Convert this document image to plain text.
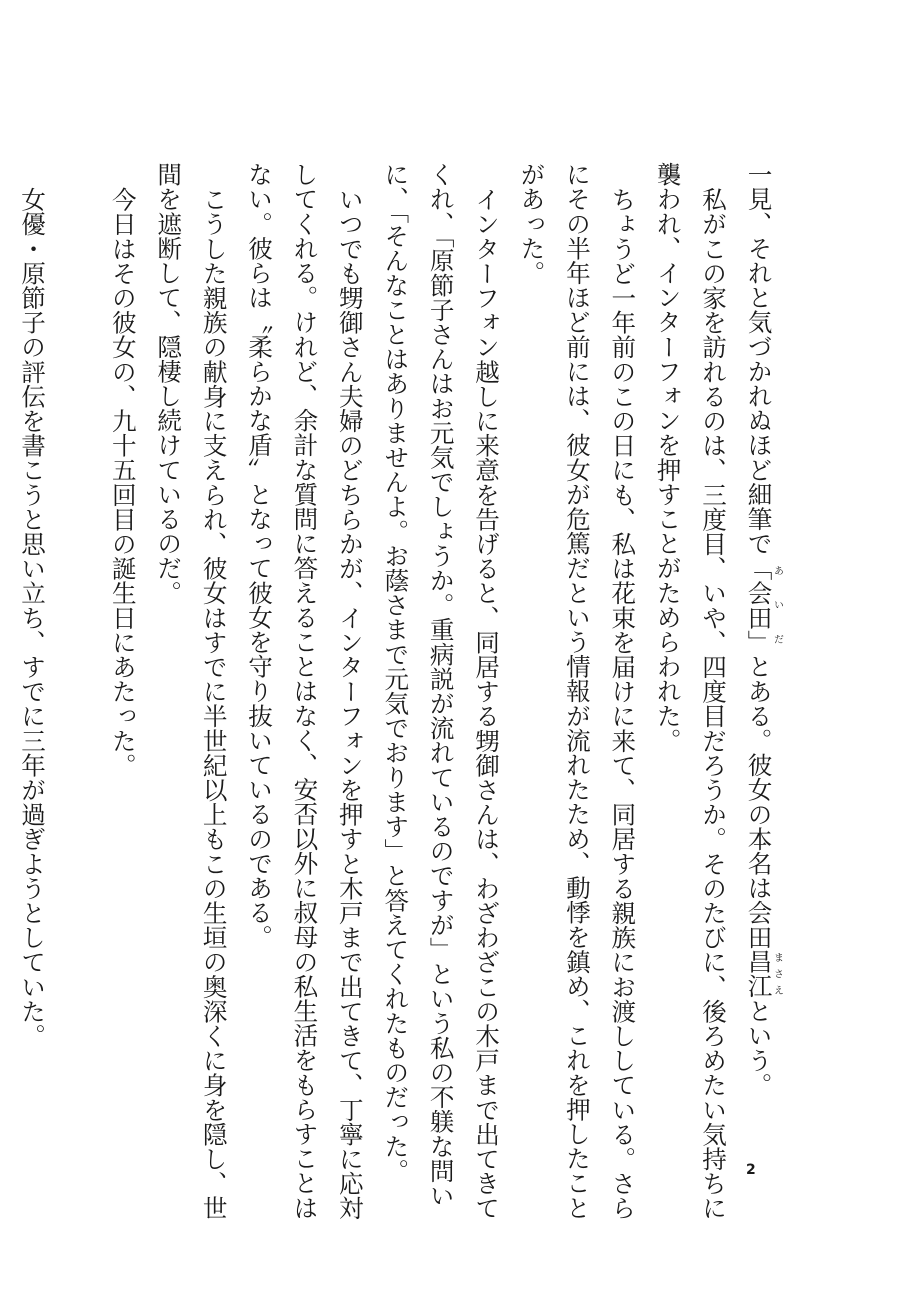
一見、それと気づかれぬほど細筆で「会田」あいだとある。彼女の本名は会田昌江まさえという。
私がこの家を訪れるのは、三度目、いや、四度目だろうか。そのたびに、後ろめたい気持ちに
襲われ、インターフォンを押すことがためらわれた。
ちょうど一年前のこの日にも、私は花束を届けに来て、同居する親族にお渡ししている。さら
にその半年ほど前には、彼女が危篤だという情報が流れたため、動悸を鎮め、これを押したこと
があった。
インターフォン越しに来意を告げると、同居する甥御さんは、わざわざこの木戸まで出てきて
くれ、「原節子さんはお元気でしょうか。重病説が流れているのですが」という私の不躾な問い
に、「そんなことはありませんよ。お蔭さまで元気でおります」と答えてくれたものだった。
いつでも甥御さん夫婦のどちらかが、インターフォンを押すと木戸まで出てきて、丁寧に応対
してくれる。けれど、余計な質問に答えることはなく、安否以外に叔母の私生活をもらすことは
ない。彼らは〝柔らかな盾〟となって彼女を守り抜いているのである。
こうした親族の献身に支えられ、彼女はすでに半世紀以上もこの生垣の奥深くに身を隠し、世
間を遮断して、隠棲し続けているのだ。
今日はその彼女の、九十五回目の誕生日にあたった。
女優・原節子の評伝を書こうと思い立ち、すでに三年が過ぎようとしていた。
2
